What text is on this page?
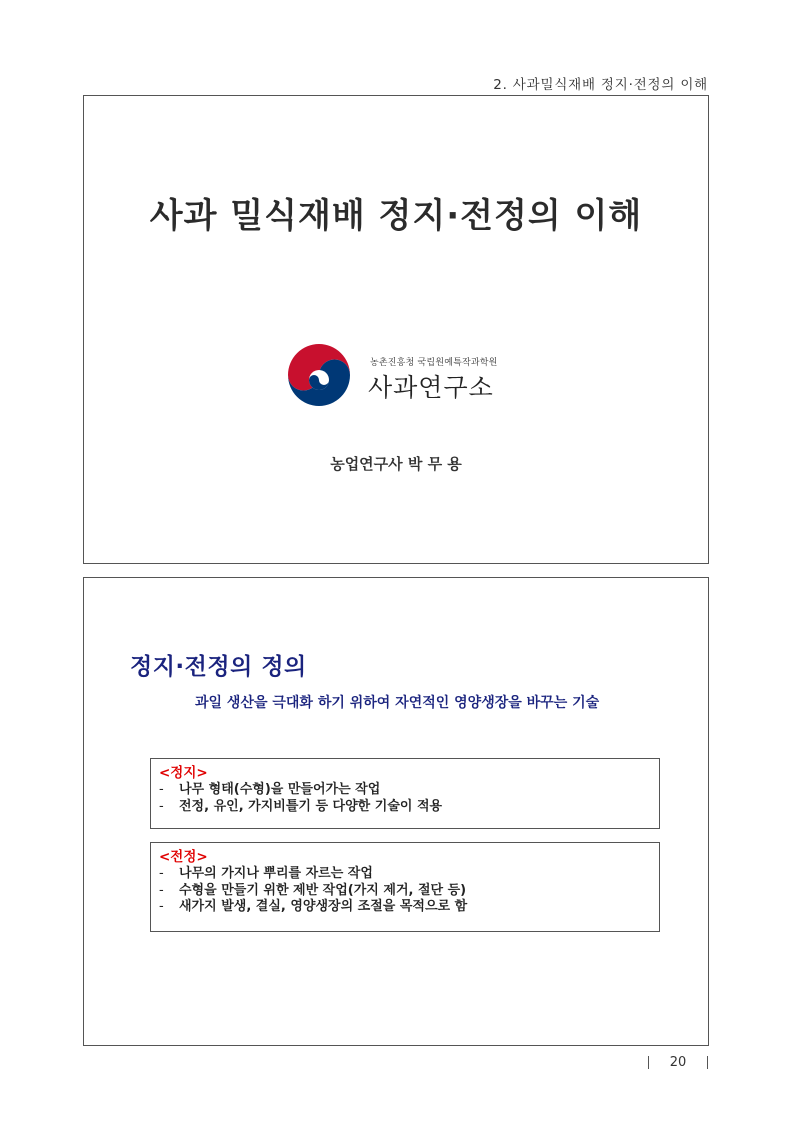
2. 사과밀식재배 정지·전정의 이해
사과 밀식재배 정지·전정의 이해
농촌진흥청 국립원예특작과학원
사과연구소
농업연구사 박 무 용
정지·전정의 정의
과일 생산을 극대화 하기 위하여 자연적인 영양생장을 바꾸는 기술
<정지>
- 나무 형태(수형)을 만들어가는 작업
- 전정, 유인, 가지비틀기 등 다양한 기술이 적용
<전정>
- 나무의 가지나 뿌리를 자르는 작업
- 수형을 만들기 위한 제반 작업(가지 제거, 절단 등)
- 새가지 발생, 결실, 영양생장의 조절을 목적으로 함
20
